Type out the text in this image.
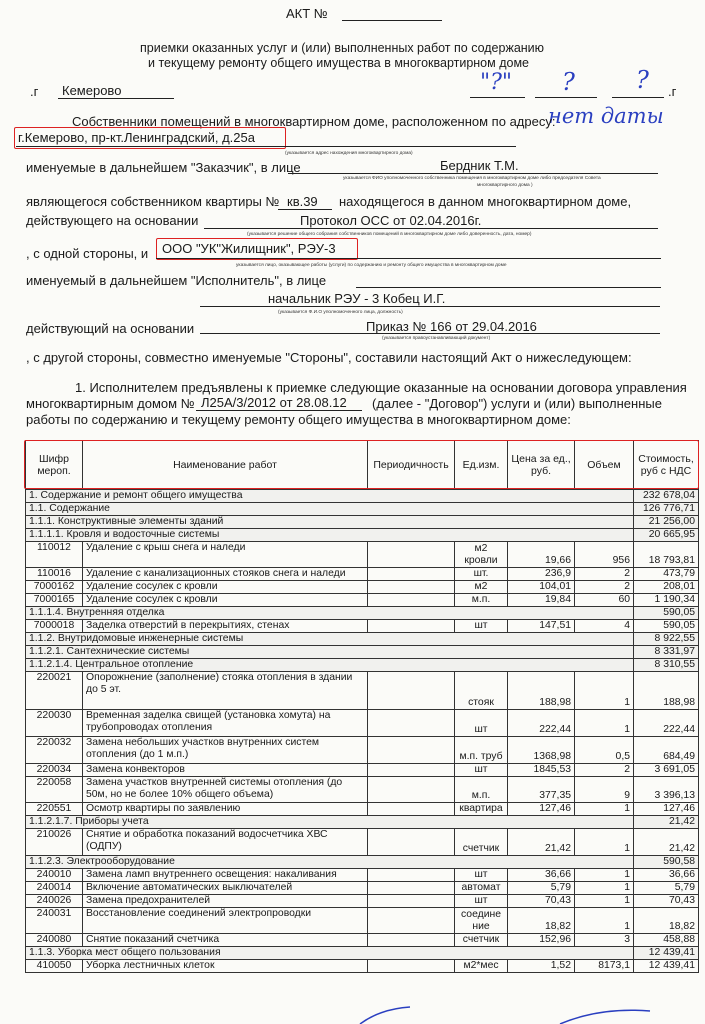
АКТ №
приемки оказанных услуг и (или) выполненных работ по содержанию
и текущему ремонту общего имущества в многоквартирном доме
.г Кемерово	"?" ?	? .г
нет даты
Собственники помещений в многоквартирном доме, расположенном по адресу:
г.Кемерово, пр-кт.Ленинградский, д.25а
(указывается адрес нахождения многоквартирного дома)
именуемые в дальнейшем "Заказчик", в лице	Бердник Т.М.
указывается ФИО уполномоченного собственника помещения в многоквартирном доме либо председателя Совета
многоквартирного дома )
являющегося собственником квартиры № кв.39 находящегося в данном многоквартирном доме,
действующего на основании	Протокол ОСС от 02.04.2016г.
(указывается решение общего собрания собственников помещений в многоквартирном доме либо доверенность, дата, номер)
, с одной стороны, и ООО "УК"Жилищник", РЭУ-3
указывается лицо, оказывающее работы (услуги) по содержанию и ремонту общего имущества в многоквартирном доме
именуемый в дальнейшем "Исполнитель", в лице
начальник РЭУ - 3 Кобец И.Г.
(указывается Ф.И.О уполномоченного лица, должность)
действующий на основании	Приказ № 166 от 29.04.2016
(указывается правоустанавливающий документ)
, с другой стороны, совместно именуемые "Стороны", составили настоящий Акт о нижеследующем:
1. Исполнителем предъявлены к приемке следующие оказанные на основании договора управления
многоквартирным домом № Л25А/3/2012 от 28.08.12 (далее - "Договор") услуги и (или) выполненные
работы по содержанию и текущему ремонту общего имущества в многоквартирном доме:
Шифр мероп.	Наименование работ	Периодичность	Ед.изм.	Цена за ед., руб.	Объем	Стоимость, руб с НДС
1. Содержание и ремонт общего имущества						232 678,04
1.1. Содержание						126 776,71
1.1.1. Конструктивные элементы зданий						21 256,00
1.1.1.1. Кровля и водосточные системы						20 665,95
110012	Удаление с крыш снега и наледи		м2 кровли	19,66	956	18 793,81
110016	Удаление с канализационных стояков снега и наледи		шт.	236,9	2	473,79
7000162	Удаление сосулек с кровли		м2	104,01	2	208,01
7000165	Удаление сосулек с кровли		м.п.	19,84	60	1 190,34
1.1.1.4. Внутренняя отделка						590,05
7000018	Заделка отверстий в перекрытиях, стенах		шт	147,51	4	590,05
1.1.2. Внутридомовые инженерные системы						8 922,55
1.1.2.1. Сантехнические системы						8 331,97
1.1.2.1.4. Центральное отопление						8 310,55
220021	Опорожнение (заполнение) стояка отопления в здании до 5 эт.		стояк	188,98	1	188,98
220030	Временная заделка свищей (установка хомута) на трубопроводах отопления		шт	222,44	1	222,44
220032	Замена небольших участков внутренних систем отопления (до 1 м.п.)		м.п. труб	1368,98	0,5	684,49
220034	Замена конвекторов		шт	1845,53	2	3 691,05
220058	Замена участков внутренней системы отопления (до 50м, но не более 10% общего объема)		м.п.	377,35	9	3 396,13
220551	Осмотр квартиры по заявлению		квартира	127,46	1	127,46
1.1.2.1.7. Приборы учета						21,42
210026	Снятие и обработка показаний водосчетчика ХВС (ОДПУ)		счетчик	21,42	1	21,42
1.1.2.3. Электрооборудование						590,58
240010	Замена ламп внутреннего освещения: накаливания		шт	36,66	1	36,66
240014	Включение автоматических выключателей		автомат	5,79	1	5,79
240026	Замена предохранителей		шт	70,43	1	70,43
240031	Восстановление соединений электропроводки		соедине ние	18,82	1	18,82
240080	Снятие показаний счетчика		счетчик	152,96	3	458,88
1.1.3. Уборка мест общего пользования						12 439,41
410050	Уборка лестничных клеток		м2*мес	1,52	8173,1	12 439,41
